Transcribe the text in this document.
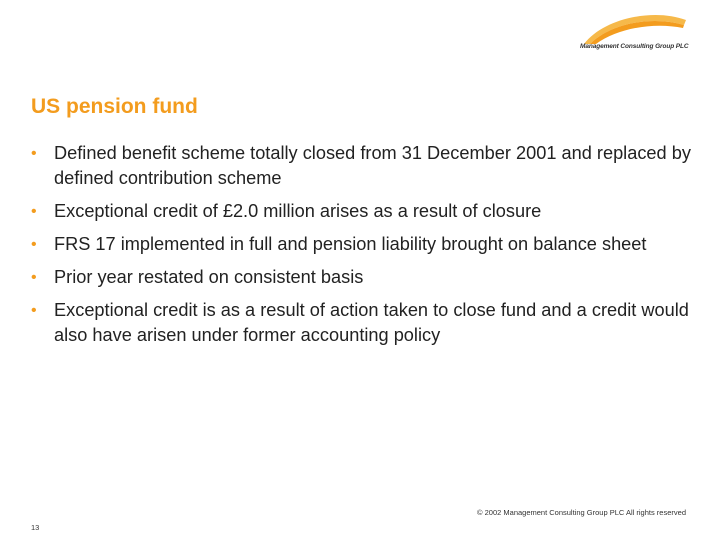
Management Consulting Group PLC
US pension fund
• Defined benefit scheme totally closed from 31 December 2001 and replaced by defined contribution scheme
• Exceptional credit of £2.0 million arises as a result of closure
• FRS 17 implemented in full and pension liability brought on balance sheet
• Prior year restated on consistent basis
• Exceptional credit is as a result of action taken to close fund and a credit would also have arisen under former accounting policy
© 2002 Management Consulting Group PLC All rights reserved
13
